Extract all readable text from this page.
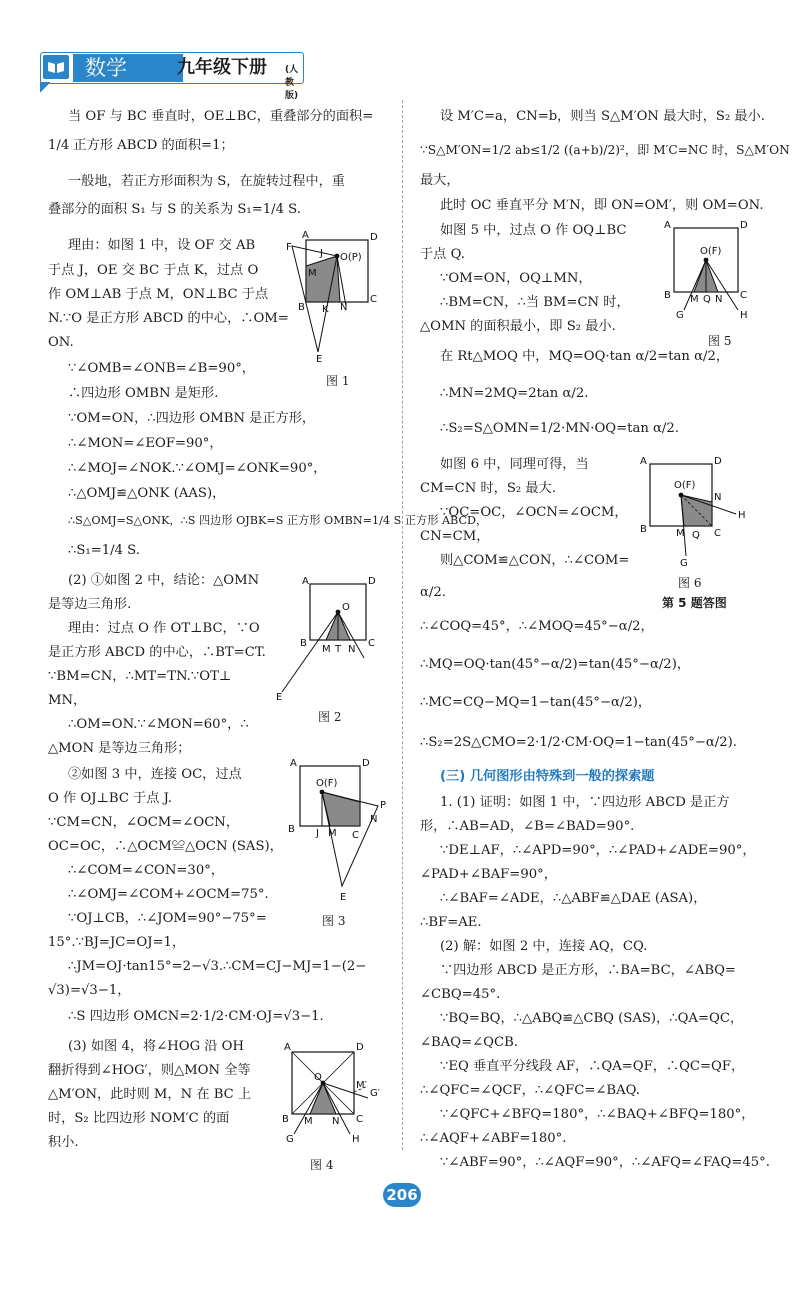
数学	九年级下册 (人教版)
当 OF 与 BC 垂直时，OE⊥BC，重叠部分的面积=
1/4 正方形 ABCD 的面积=1；
一般地，若正方形面积为 S，在旋转过程中，重
叠部分的面积 S₁ 与 S 的关系为 S₁=1/4 S.
理由：如图 1 中，设 OF 交 AB
于点 J，OE 交 BC 于点 K，过点 O
作 OM⊥AB 于点 M，ON⊥BC 于点
N.∵O 是正方形 ABCD 的中心，∴OM=
ON.
∵∠OMB=∠ONB=∠B=90°，
∴四边形 OMBN 是矩形.
∵OM=ON，∴四边形 OMBN 是正方形，
∴∠MON=∠EOF=90°，
∴∠MOJ=∠NOK.∵∠OMJ=∠ONK=90°，
∴△OMJ≌△ONK (AAS)，
∴S△OMJ=S△ONK，∴S 四边形 OJBK=S 正方形 OMBN=1/4 S 正方形 ABCD，
∴S₁=1/4 S.
(2) ①如图 2 中，结论：△OMN
是等边三角形.
理由：过点 O 作 OT⊥BC，∵O
是正方形 ABCD 的中心，∴BT=CT.
∵BM=CN，∴MT=TN.∵OT⊥
MN，
∴OM=ON.∵∠MON=60°，∴
△MON 是等边三角形；
②如图 3 中，连接 OC，过点
O 作 OJ⊥BC 于点 J.
∵CM=CN，∠OCM=∠OCN，
OC=OC，∴△OCM≌△OCN (SAS)，
∴∠COM=∠CON=30°，
∴∠OMJ=∠COM+∠OCM=75°.
∵OJ⊥CB，∴∠JOM=90°−75°=
15°.∵BJ=JC=OJ=1，
∴JM=OJ·tan15°=2−√3.∴CM=CJ−MJ=1−(2−
√3)=√3−1，
∴S 四边形 OMCN=2·1/2·CM·OJ=√3−1.
(3) 如图 4，将∠HOG 沿 OH
翻折得到∠HOG′，则△MON 全等
△M′ON，此时则 M，N 在 BC 上
时，S₂ 比四边形 NOM′C 的面
积小.
设 M′C=a，CN=b，则当 S△M′ON 最大时，S₂ 最小.
∵S△M′ON=1/2 ab≤1/2 ((a+b)/2)²，即 M′C=NC 时，S△M′ON
最大，
此时 OC 垂直平分 M′N，即 ON=OM′，则 OM=ON.
如图 5 中，过点 O 作 OQ⊥BC
于点 Q.
∵OM=ON，OQ⊥MN，
∴BM=CN，∴当 BM=CN 时，
△OMN 的面积最小，即 S₂ 最小.
在 Rt△MOQ 中，MQ=OQ·tan α/2=tan α/2，
∴MN=2MQ=2tan α/2.
∴S₂=S△OMN=1/2·MN·OQ=tan α/2.
如图 6 中，同理可得，当
CM=CN 时，S₂ 最大.
∵OC=OC，∠OCN=∠OCM，
CN=CM，
则△COM≌△CON，∴∠COM=
α/2.
∴∠COQ=45°，∴∠MOQ=45°−α/2，
∴MQ=OQ·tan(45°−α/2)=tan(45°−α/2)，
∴MC=CQ−MQ=1−tan(45°−α/2)，
∴S₂=2S△CMO=2·1/2·CM·OQ=1−tan(45°−α/2).
(三) 几何图形由特殊到一般的探索题
1. (1) 证明：如图 1 中，∵四边形 ABCD 是正方
形，∴AB=AD，∠B=∠BAD=90°.
∵DE⊥AF，∴∠APD=90°，∴∠PAD+∠ADE=90°，
∠PAD+∠BAF=90°，
∴∠BAF=∠ADE，∴△ABF≌△DAE (ASA)，
∴BF=AE.
(2) 解：如图 2 中，连接 AQ，CQ.
∵四边形 ABCD 是正方形，∴BA=BC，∠ABQ=
∠CBQ=45°.
∵BQ=BQ，∴△ABQ≌△CBQ (SAS)，∴QA=QC，
∠BAQ=∠QCB.
∵EQ 垂直平分线段 AF，∴QA=QF，∴QC=QF，
∴∠QFC=∠QCF，∴∠QFC=∠BAQ.
∵∠QFC+∠BFQ=180°，∴∠BAQ+∠BFQ=180°，
∴∠AQF+∠ABF=180°.
∵∠ABF=90°，∴∠AQF=90°，∴∠AFQ=∠FAQ=45°.
A	D
F
O(P)
J
M
N
B K
C
E
图 1
A	D
O
B
M T N
C
E
图 2
A	D
O(F)
P
B J M C
N
E
图 3
A	D
O
M′
G′
B M N C
G	H
图 4
A	D
O(F)
B M Q N C
G	H
图 5
A	D
O(F)
N
H
B	M	C
Q
G
图 6
第 5 题答图
206
